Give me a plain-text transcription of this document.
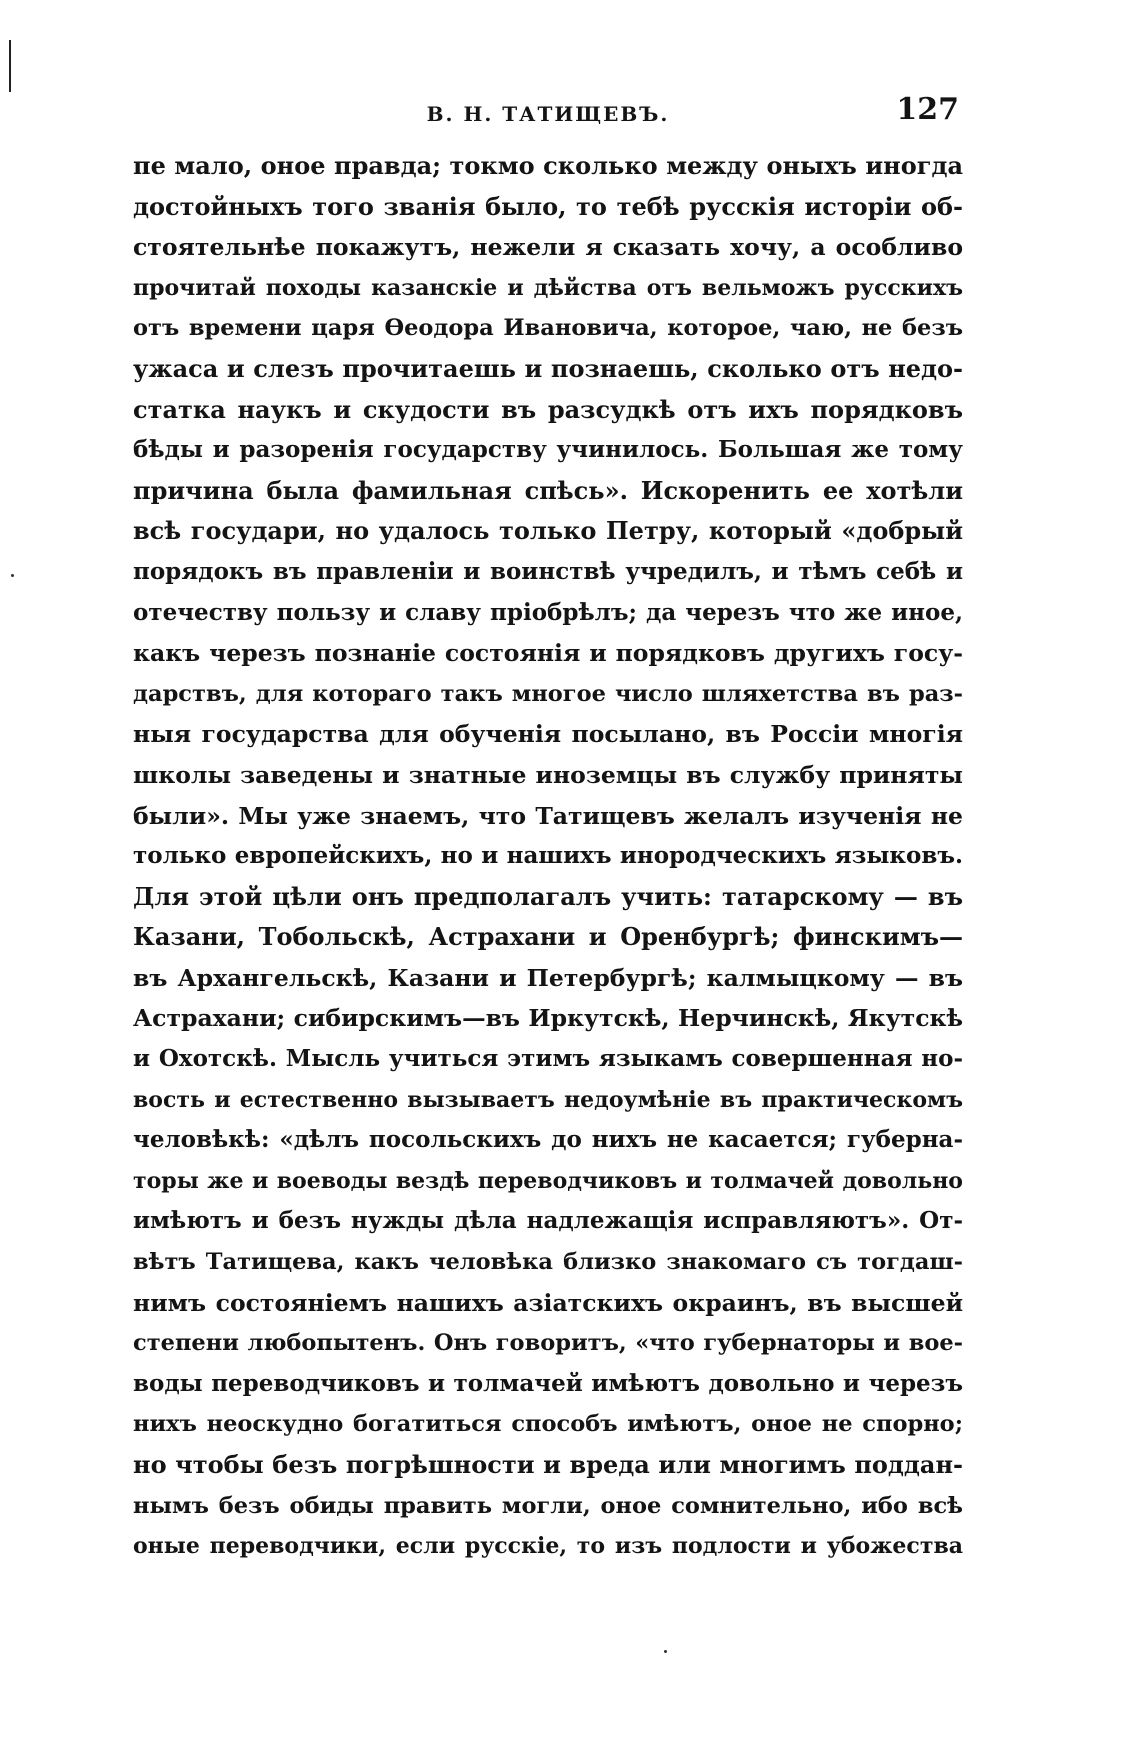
В. Н. ТАТИЩЕВЪ.	127
пе мало, оное правда; токмо сколько между оныхъ иногда
достойныхъ того званія было, то тебѣ русскія исторіи об-
стоятельнѣе покажутъ, нежели я сказать хочу, а особливо
прочитай походы казанскіе и дѣйства отъ вельможъ русскихъ
отъ времени царя Ѳеодора Ивановича, которое, чаю, не безъ
ужаса и слезъ прочитаешь и познаешь, сколько отъ недо-
статка наукъ и скудости въ разсудкѣ отъ ихъ порядковъ
бѣды и разоренія государству учинилось. Большая же тому
причина была фамильная спѣсь». Искоренить ее хотѣли
всѣ государи, но удалось только Петру, который «добрый
порядокъ въ правленіи и воинствѣ учредилъ, и тѣмъ себѣ и
отечеству пользу и славу пріобрѣлъ; да черезъ что же иное,
какъ черезъ познаніе состоянія и порядковъ другихъ госу-
дарствъ, для котораго такъ многое число шляхетства въ раз-
ныя государства для обученія посылано, въ Россіи многія
школы заведены и знатные иноземцы въ службу приняты
были». Мы уже знаемъ, что Татищевъ желалъ изученія не
только европейскихъ, но и нашихъ инородческихъ языковъ.
Для этой цѣли онъ предполагалъ учить: татарскому — въ
Казани, Тобольскѣ, Астрахани и Оренбургѣ; финскимъ—
въ Архангельскѣ, Казани и Петербургѣ; калмыцкому — въ
Астрахани; сибирскимъ—въ Иркутскѣ, Нерчинскѣ, Якутскѣ
и Охотскѣ. Мысль учиться этимъ языкамъ совершенная но-
вость и естественно вызываетъ недоумѣніе въ практическомъ
человѣкѣ: «дѣлъ посольскихъ до нихъ не касается; губерна-
торы же и воеводы вездѣ переводчиковъ и толмачей довольно
имѣютъ и безъ нужды дѣла надлежащія исправляютъ». От-
вѣтъ Татищева, какъ человѣка близко знакомаго съ тогдаш-
нимъ состояніемъ нашихъ азіатскихъ окраинъ, въ высшей
степени любопытенъ. Онъ говоритъ, «что губернаторы и вое-
воды переводчиковъ и толмачей имѣютъ довольно и черезъ
нихъ неоскудно богатиться способъ имѣютъ, оное не спорно;
но чтобы безъ погрѣшности и вреда или многимъ поддан-
нымъ безъ обиды править могли, оное сомнительно, ибо всѣ
оные переводчики, если русскіе, то изъ подлости и убожества
